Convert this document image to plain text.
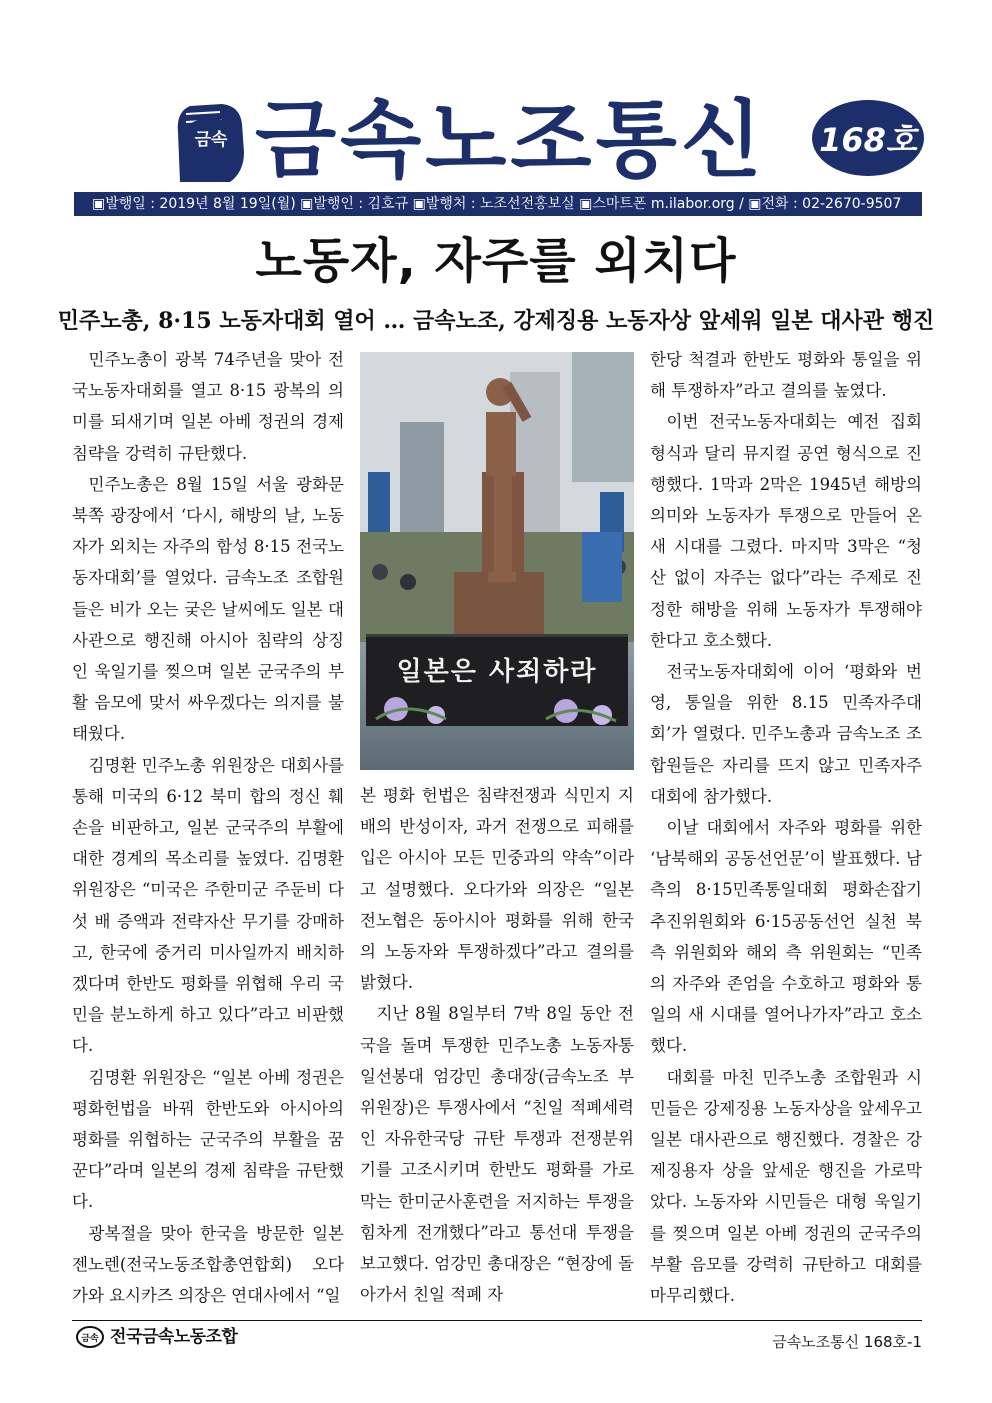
금속 금속노조통신 168호
▣발행일 : 2019년 8월 19일(월) ▣발행인 : 김호규 ▣발행처 : 노조선전홍보실 ▣스마트폰 m.ilabor.org / ▣전화 : 02-2670-9507
노동자, 자주를 외치다
민주노총, 8·15 노동자대회 열어 … 금속노조, 강제징용 노동자상 앞세워 일본 대사관 행진

민주노총이 광복 74주년을 맞아 전국노동자대회를 열고 8·15 광복의 의미를 되새기며 일본 아베 정권의 경제 침략을 강력히 규탄했다.

민주노총은 8월 15일 서울 광화문 북쪽 광장에서 ‘다시, 해방의 날, 노동자가 외치는 자주의 함성 8·15 전국노동자대회’를 열었다. 금속노조 조합원들은 비가 오는 궂은 날씨에도 일본 대사관으로 행진해 아시아 침략의 상징인 욱일기를 찢으며 일본 군국주의 부활 음모에 맞서 싸우겠다는 의지를 불태웠다.

김명환 민주노총 위원장은 대회사를 통해 미국의 6·12 북미 합의 정신 훼손을 비판하고, 일본 군국주의 부활에 대한 경계의 목소리를 높였다. 김명환 위원장은 “미국은 주한미군 주둔비 다섯 배 증액과 전략자산 무기를 강매하고, 한국에 중거리 미사일까지 배치하겠다며 한반도 평화를 위협해 우리 국민을 분노하게 하고 있다”라고 비판했다.

김명환 위원장은 “일본 아베 정권은 평화헌법을 바꿔 한반도와 아시아의 평화를 위협하는 군국주의 부활을 꿈꾼다”라며 일본의 경제 침략을 규탄했다.

광복절을 맞아 한국을 방문한 일본 젠노렌(전국노동조합총연합회) 오다가와 요시카즈 의장은 연대사에서 “일

일본은 사죄하라

본 평화 헌법은 침략전쟁과 식민지 지배의 반성이자, 과거 전쟁으로 피해를 입은 아시아 모든 민중과의 약속”이라고 설명했다. 오다가와 의장은 “일본 전노협은 동아시아 평화를 위해 한국의 노동자와 투쟁하겠다”라고 결의를 밝혔다.

지난 8월 8일부터 7박 8일 동안 전국을 돌며 투쟁한 민주노총 노동자통일선봉대 엄강민 총대장(금속노조 부위원장)은 투쟁사에서 “친일 적폐세력인 자유한국당 규탄 투쟁과 전쟁분위기를 고조시키며 한반도 평화를 가로막는 한미군사훈련을 저지하는 투쟁을 힘차게 전개했다”라고 통선대 투쟁을 보고했다. 엄강민 총대장은 “현장에 돌아가서 친일 적폐 자

한당 척결과 한반도 평화와 통일을 위해 투쟁하자”라고 결의를 높였다.

이번 전국노동자대회는 예전 집회 형식과 달리 뮤지컬 공연 형식으로 진행했다. 1막과 2막은 1945년 해방의 의미와 노동자가 투쟁으로 만들어 온 새 시대를 그렸다. 마지막 3막은 “청산 없이 자주는 없다”라는 주제로 진정한 해방을 위해 노동자가 투쟁해야 한다고 호소했다.

전국노동자대회에 이어 ‘평화와 번영, 통일을 위한 8.15 민족자주대회’가 열렸다. 민주노총과 금속노조 조합원들은 자리를 뜨지 않고 민족자주대회에 참가했다.

이날 대회에서 자주와 평화를 위한 ‘남북해외 공동선언문’이 발표했다. 남측의 8·15민족통일대회 평화손잡기 추진위원회와 6·15공동선언 실천 북측 위원회와 해외 측 위원회는 “민족의 자주와 존엄을 수호하고 평화와 통일의 새 시대를 열어나가자”라고 호소했다.

대회를 마친 민주노총 조합원과 시민들은 강제징용 노동자상을 앞세우고 일본 대사관으로 행진했다. 경찰은 강제징용자 상을 앞세운 행진을 가로막았다. 노동자와 시민들은 대형 욱일기를 찢으며 일본 아베 정권의 군국주의 부활 음모를 강력히 규탄하고 대회를 마무리했다.

금속 전국금속노동조합	금속노조통신 168호-1
